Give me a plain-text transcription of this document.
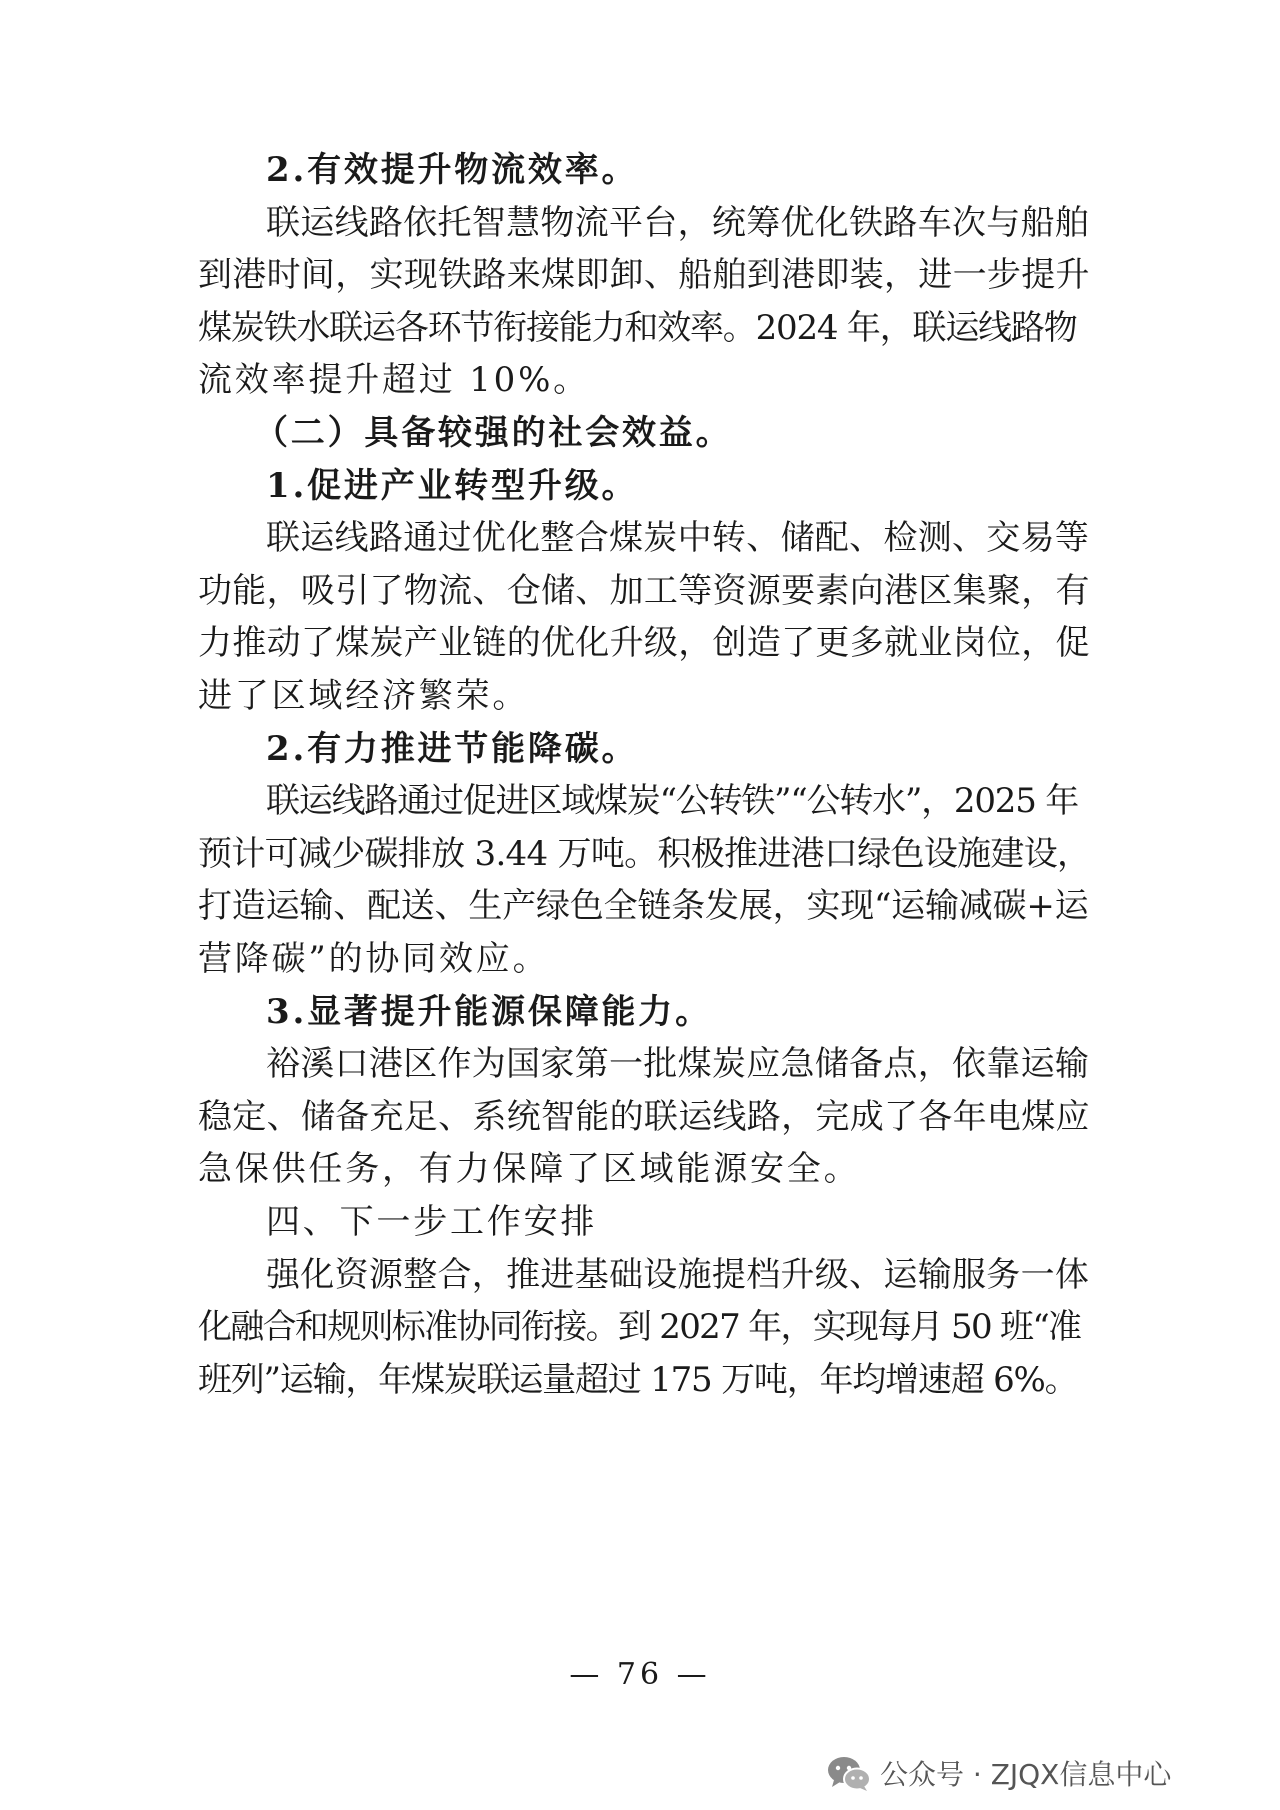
2.有效提升物流效率。
联运线路依托智慧物流平台，统筹优化铁路车次与船舶
到港时间，实现铁路来煤即卸、船舶到港即装，进一步提升
煤炭铁水联运各环节衔接能力和效率。2024 年，联运线路物
流效率提升超过 10%。
（二）具备较强的社会效益。
1.促进产业转型升级。
联运线路通过优化整合煤炭中转、储配、检测、交易等
功能，吸引了物流、仓储、加工等资源要素向港区集聚，有
力推动了煤炭产业链的优化升级，创造了更多就业岗位，促
进了区域经济繁荣。
2.有力推进节能降碳。
联运线路通过促进区域煤炭“公转铁”“公转水”，2025 年
预计可减少碳排放 3.44 万吨。积极推进港口绿色设施建设，
打造运输、配送、生产绿色全链条发展，实现“运输减碳+运
营降碳”的协同效应。
3.显著提升能源保障能力。
裕溪口港区作为国家第一批煤炭应急储备点，依靠运输
稳定、储备充足、系统智能的联运线路，完成了各年电煤应
急保供任务，有力保障了区域能源安全。
四、下一步工作安排
强化资源整合，推进基础设施提档升级、运输服务一体
化融合和规则标准协同衔接。到 2027 年，实现每月 50 班“准
班列”运输，年煤炭联运量超过 175 万吨，年均增速超 6%。
— 76 —
公众号 · ZJQX信息中心
